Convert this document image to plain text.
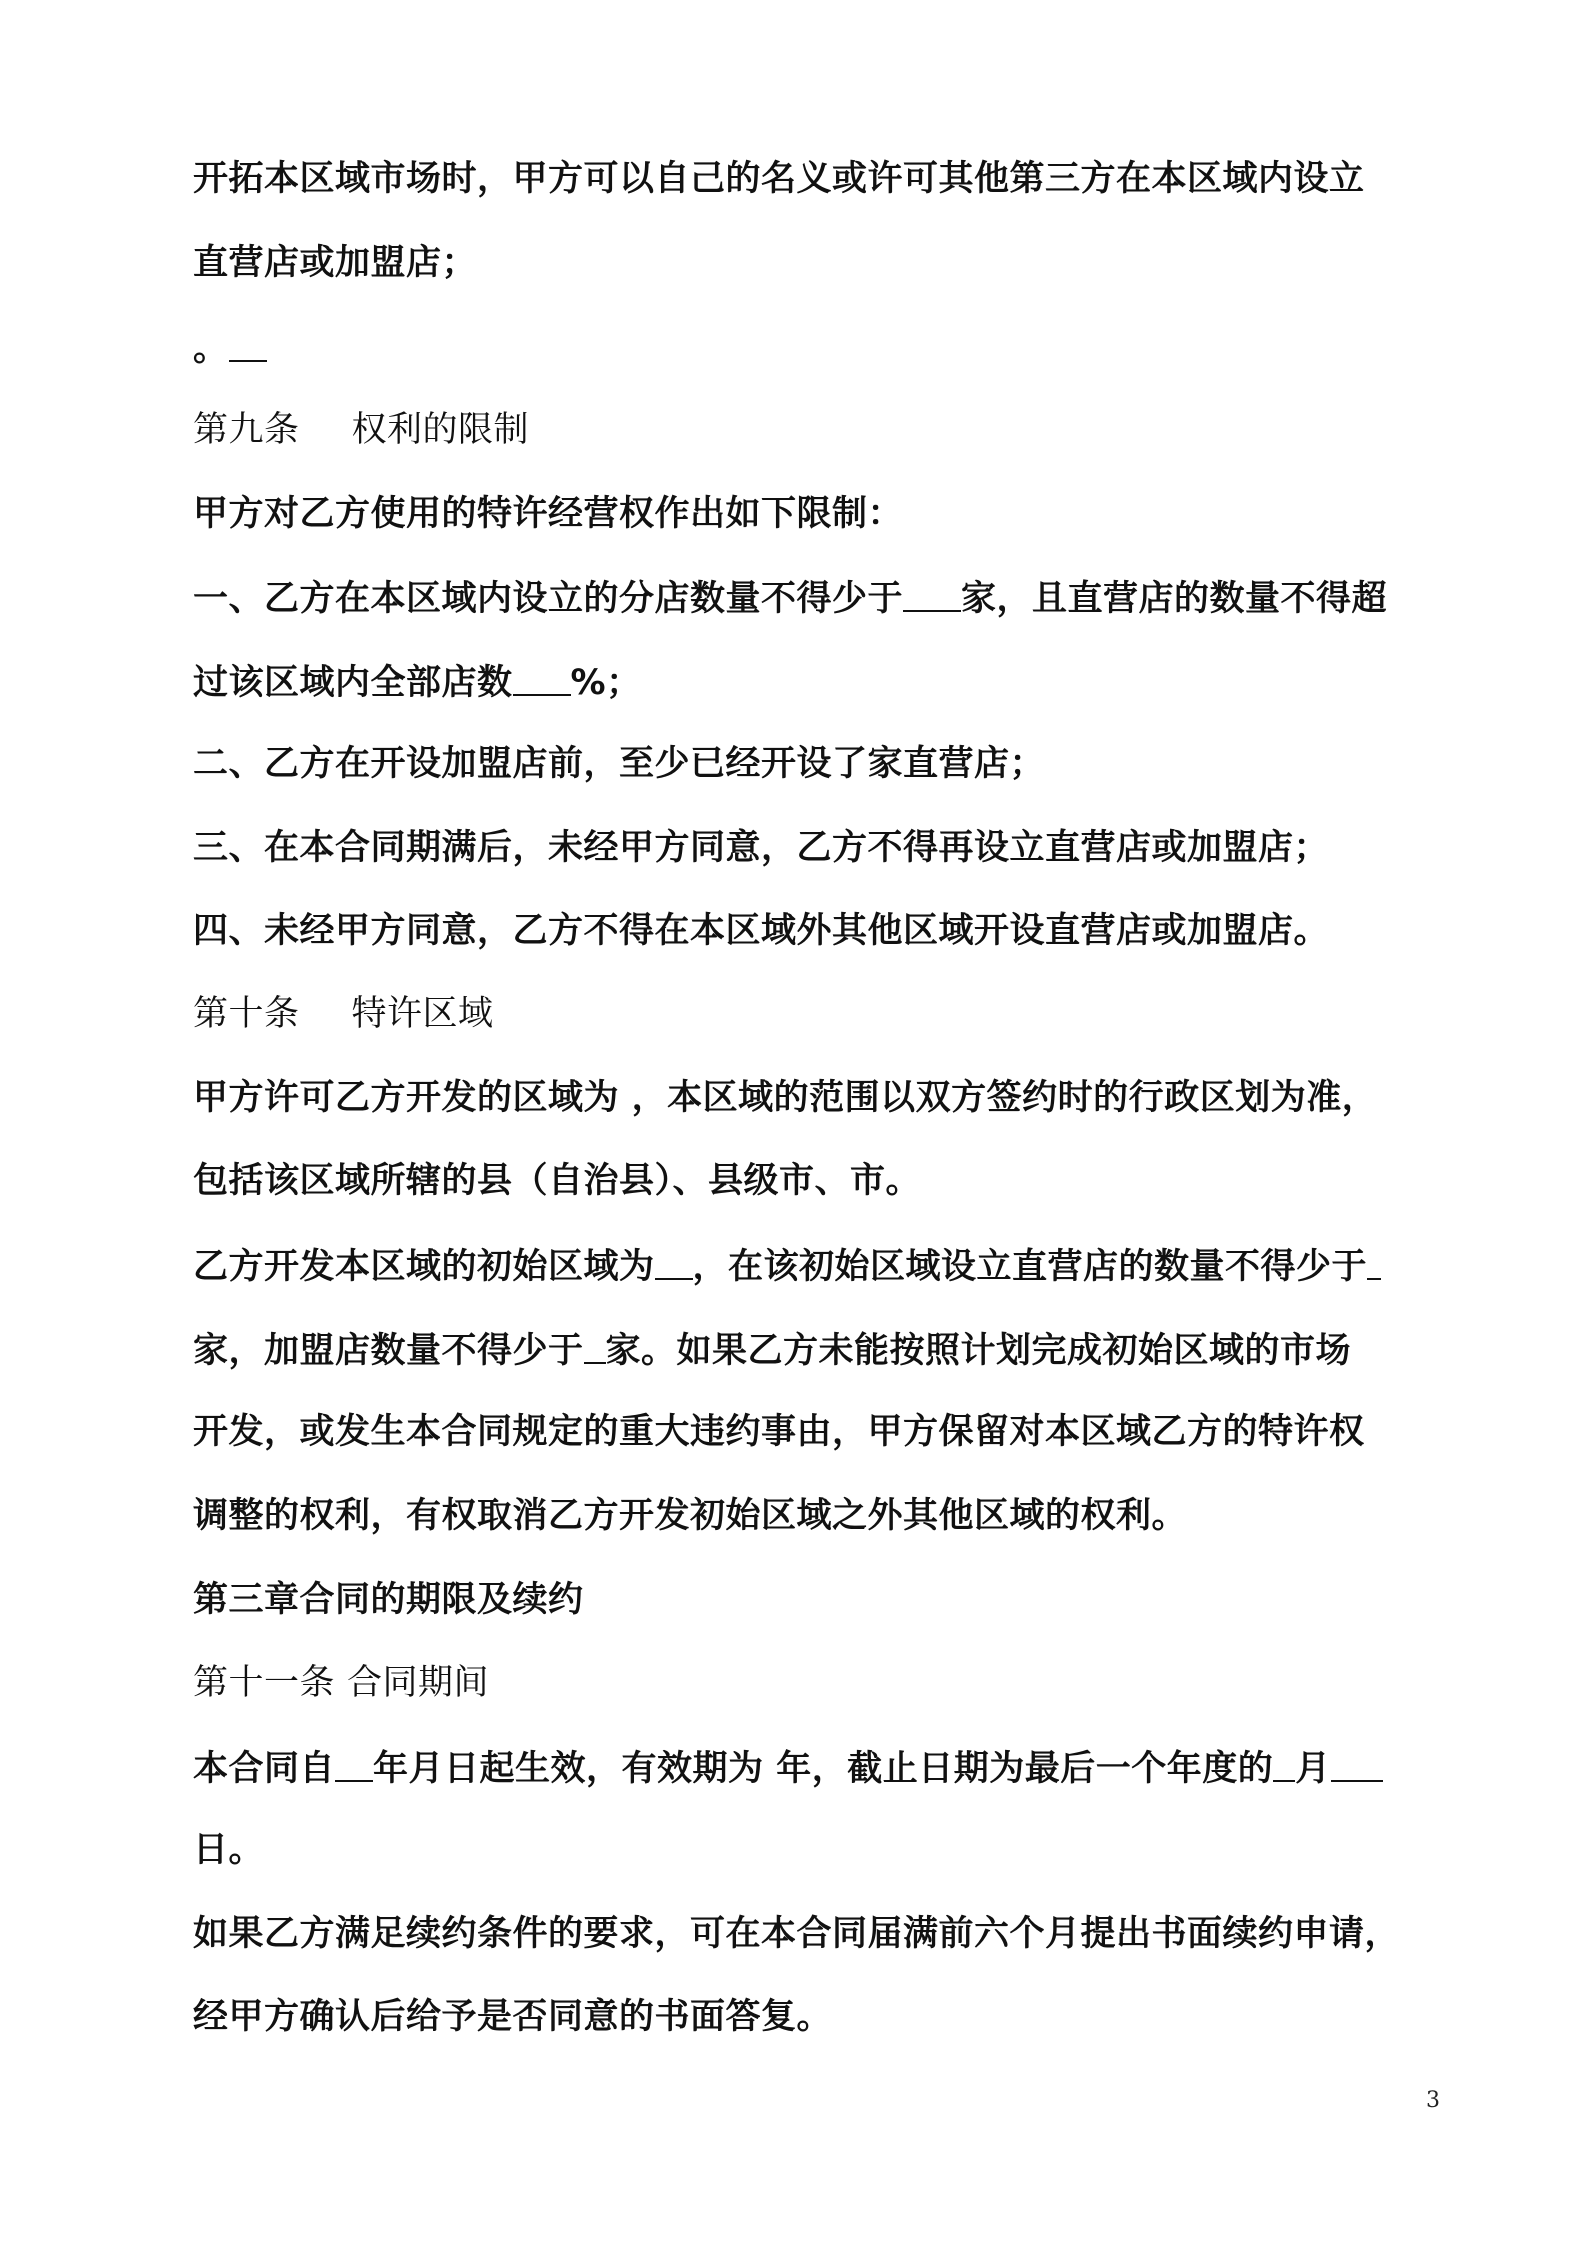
开拓本区域市场时，甲方可以自己的名义或许可其他第三方在本区域内设立
直营店或加盟店；
。
第九条 权利的限制
甲方对乙方使用的特许经营权作出如下限制：
一、乙方在本区域内设立的分店数量不得少于 家，且直营店的数量不得超
过该区域内全部店数 %；
二、乙方在开设加盟店前，至少已经开设了家直营店；
三、在本合同期满后，未经甲方同意，乙方不得再设立直营店或加盟店；
四、未经甲方同意，乙方不得在本区域外其他区域开设直营店或加盟店。
第十条 特许区域
甲方许可乙方开发的区域为 ，本区域的范围以双方签约时的行政区划为准，
包括该区域所辖的县（自治县）、县级市、市。
乙方开发本区域的初始区域为 ，在该初始区域设立直营店的数量不得少于
家，加盟店数量不得少于 家。如果乙方未能按照计划完成初始区域的市场
开发，或发生本合同规定的重大违约事由，甲方保留对本区域乙方的特许权
调整的权利，有权取消乙方开发初始区域之外其他区域的权利。
第三章合同的期限及续约
第十一条 合同期间
本合同自 年月日起生效，有效期为 年，截止日期为最后一个年度的 月
日。
如果乙方满足续约条件的要求，可在本合同届满前六个月提出书面续约申请，
经甲方确认后给予是否同意的书面答复。
3
